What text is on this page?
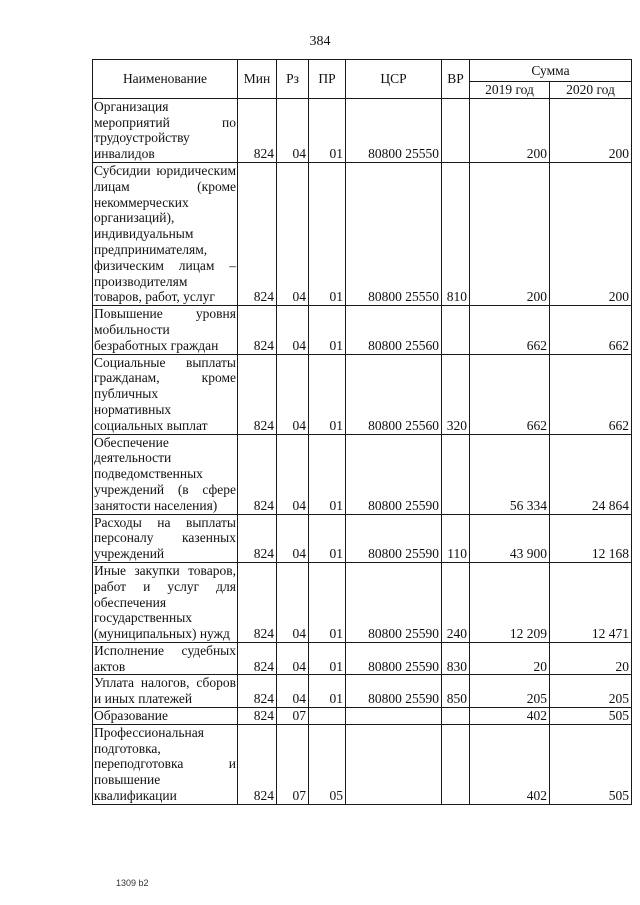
384
Наименование	Мин	Рз	ПР	ЦСР	ВР	Сумма	
						2019 год	2020 год
Организация мероприятий по трудоустройству инвалидов	824	04	01	80800 25550		200	200
Субсидии юридическим лицам (кроме некоммерческих организаций), индивидуальным предпринимателям, физическим лицам – производителям товаров, работ, услуг	824	04	01	80800 25550	810	200	200
Повышение уровня мобильности безработных граждан	824	04	01	80800 25560		662	662
Социальные выплаты гражданам, кроме публичных нормативных социальных выплат	824	04	01	80800 25560	320	662	662
Обеспечение деятельности подведомственных учреждений (в сфере занятости населения)	824	04	01	80800 25590		56 334	24 864
Расходы на выплаты персоналу казенных учреждений	824	04	01	80800 25590	110	43 900	12 168
Иные закупки товаров, работ и услуг для обеспечения государственных (муниципальных) нужд	824	04	01	80800 25590	240	12 209	12 471
Исполнение судебных актов	824	04	01	80800 25590	830	20	20
Уплата налогов, сборов и иных платежей	824	04	01	80800 25590	850	205	205
Образование	824	07				402	505
Профессиональная подготовка, переподготовка и повышение квалификации	824	07	05			402	505
1309 b2
